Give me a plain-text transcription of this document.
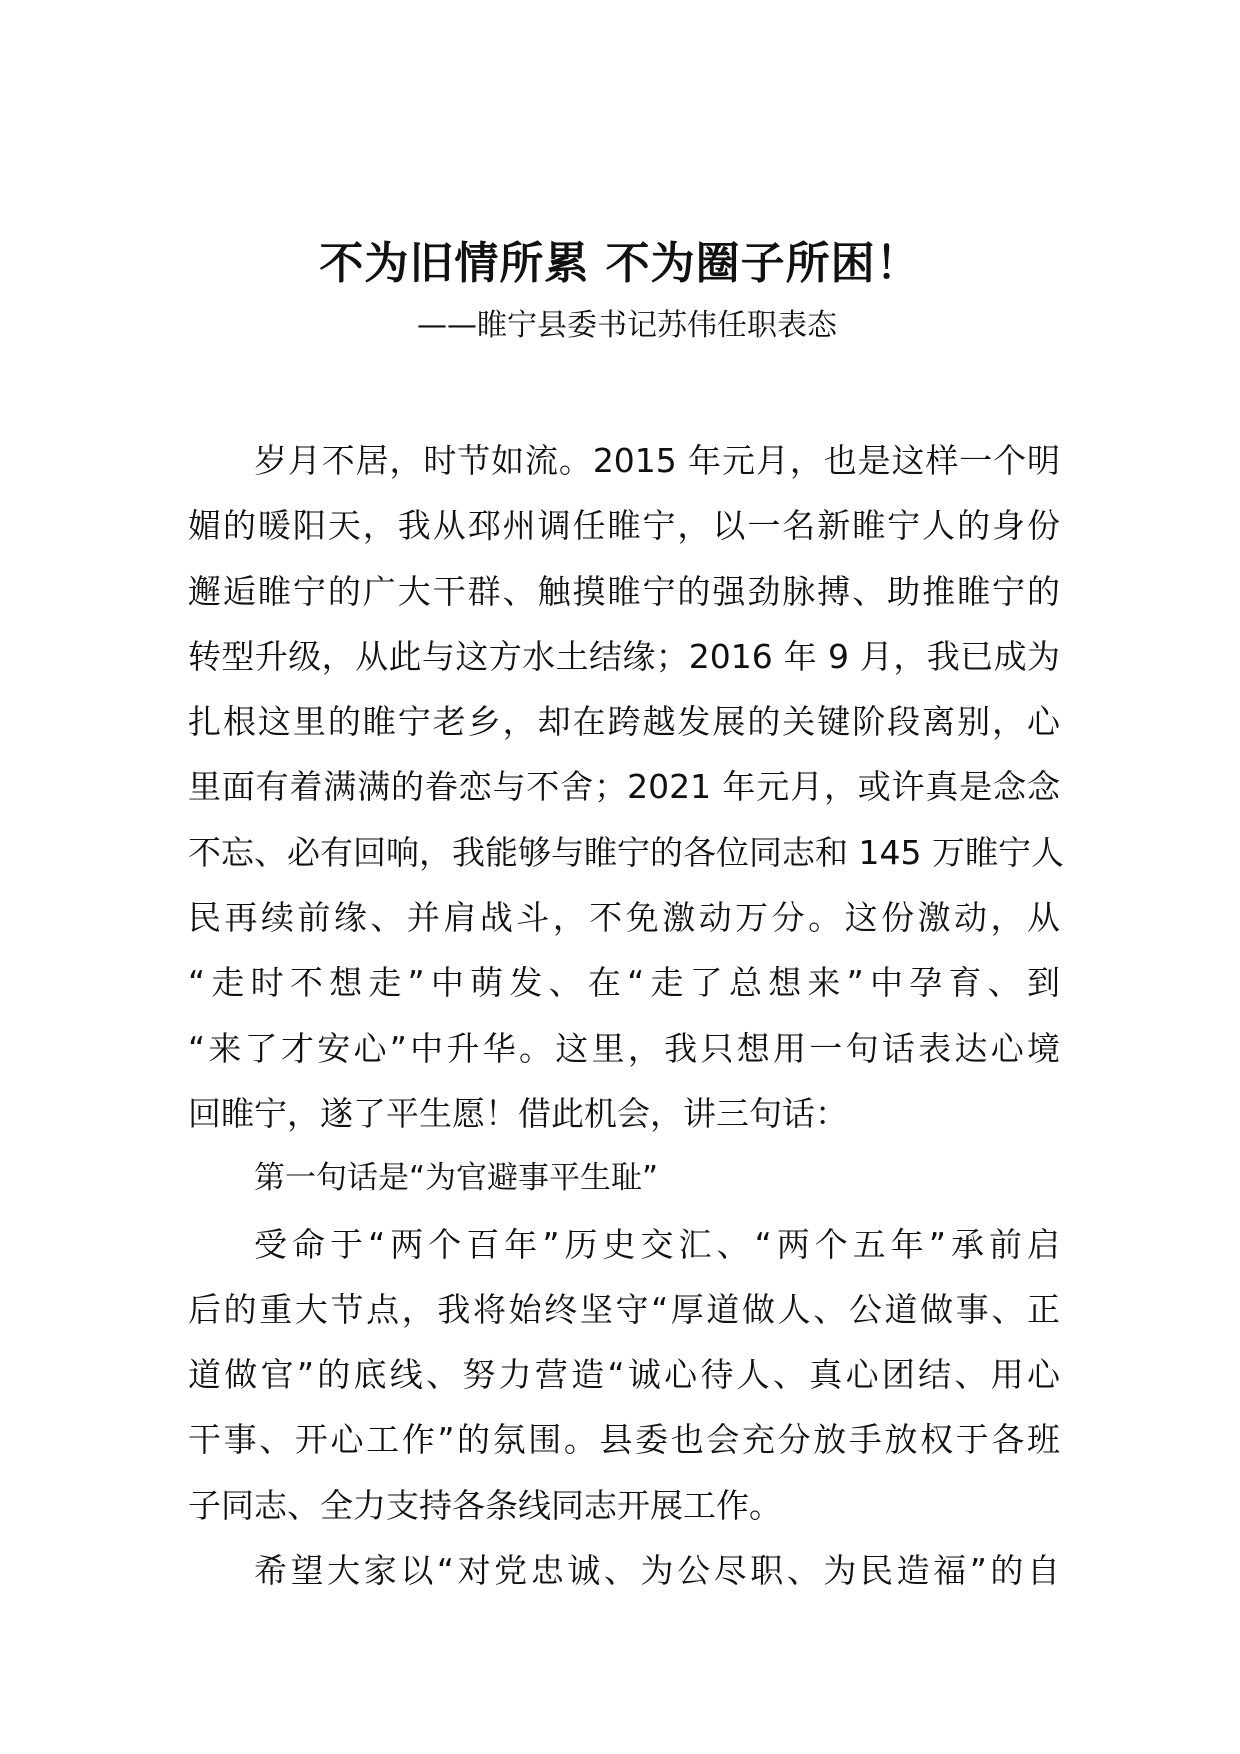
不为旧情所累 不为圈子所困！
——睢宁县委书记苏伟任职表态
岁月不居，时节如流。2015 年元月，也是这样一个明
媚的暖阳天，我从邳州调任睢宁，以一名新睢宁人的身份
邂逅睢宁的广大干群、触摸睢宁的强劲脉搏、助推睢宁的
转型升级，从此与这方水土结缘；2016 年 9 月，我已成为
扎根这里的睢宁老乡，却在跨越发展的关键阶段离别，心
里面有着满满的眷恋与不舍；2021 年元月，或许真是念念
不忘、必有回响，我能够与睢宁的各位同志和 145 万睢宁人
民再续前缘、并肩战斗，不免激动万分。这份激动，从
“走时不想走”中萌发、在“走了总想来”中孕育、到
“来了才安心”中升华。这里，我只想用一句话表达心境
回睢宁，遂了平生愿！借此机会，讲三句话：
第一句话是“为官避事平生耻”
受命于“两个百年”历史交汇、“两个五年”承前启
后的重大节点，我将始终坚守“厚道做人、公道做事、正
道做官”的底线、努力营造“诚心待人、真心团结、用心
干事、开心工作”的氛围。县委也会充分放手放权于各班
子同志、全力支持各条线同志开展工作。
希望大家以“对党忠诚、为公尽职、为民造福”的自
